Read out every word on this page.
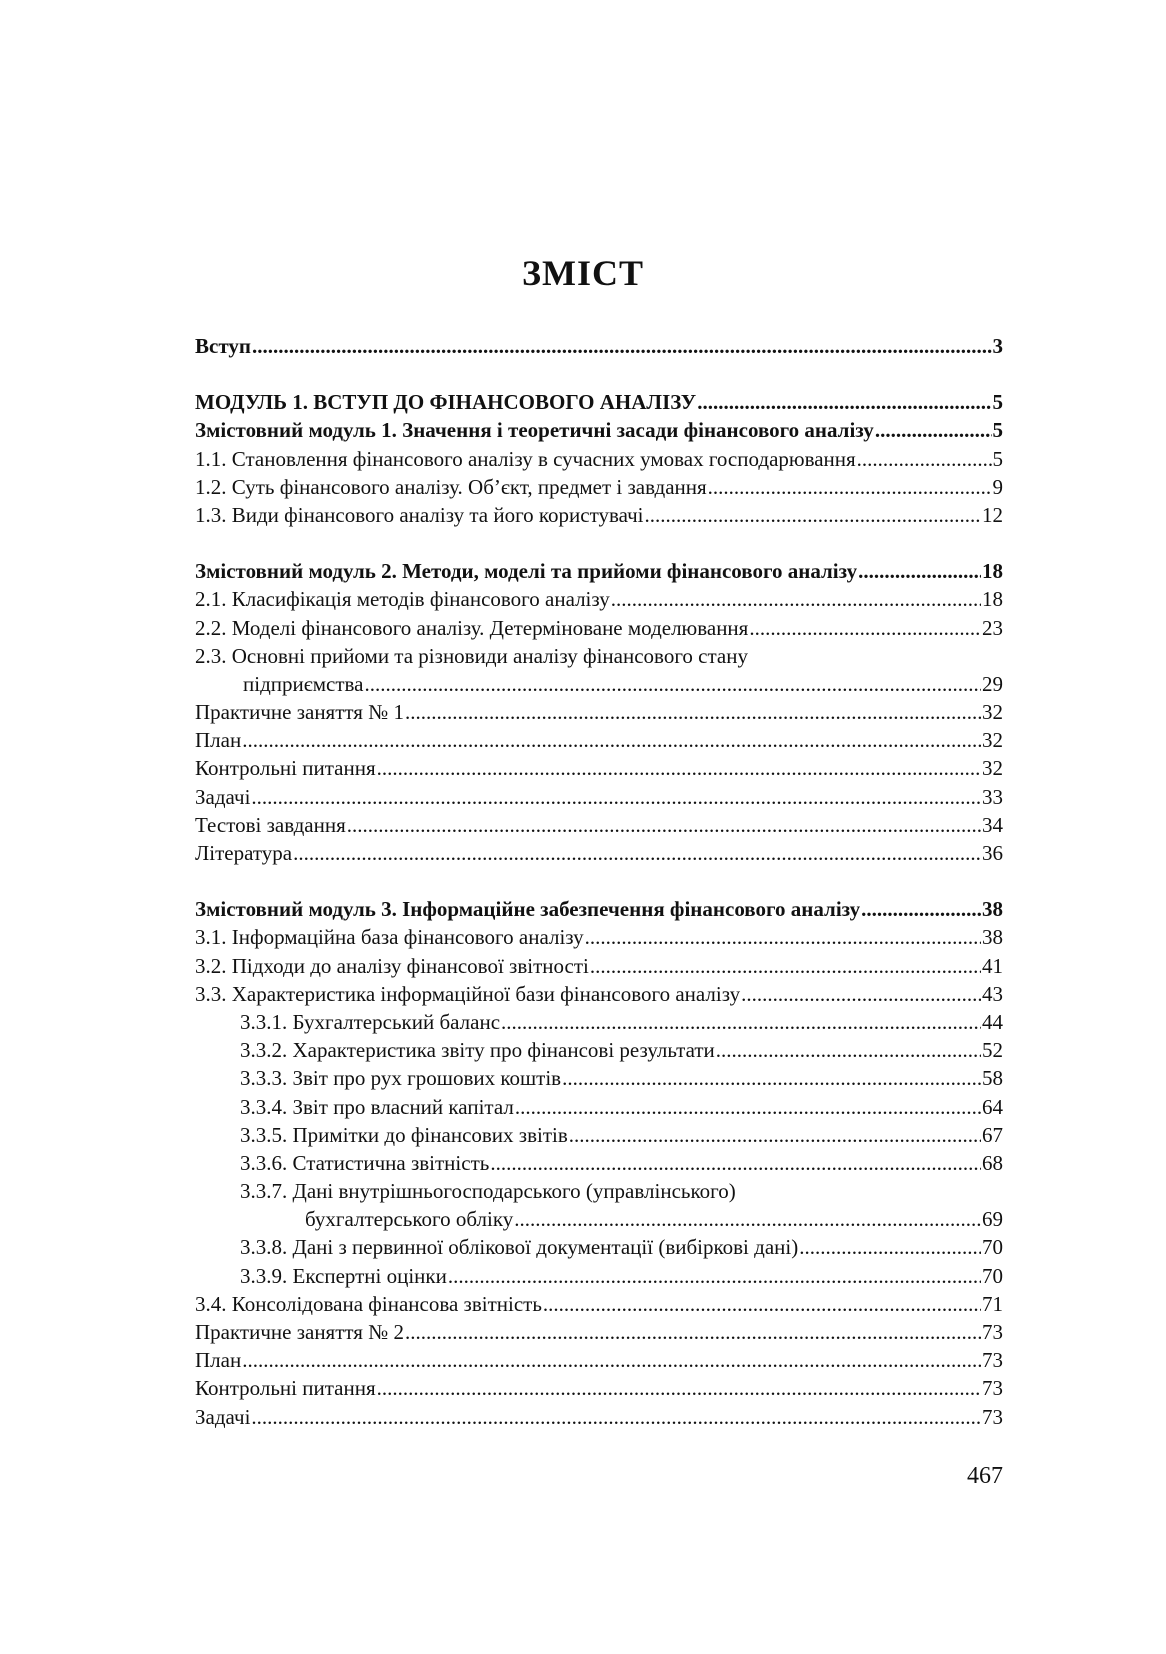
ЗМІСТ
Вступ .....	3
МОДУЛЬ 1. ВСТУП ДО ФІНАНСОВОГО АНАЛІЗУ .....	5
Змістовний модуль 1. Значення і теоретичні засади фінансового аналізу .....	5
1.1. Становлення фінансового аналізу в сучасних умовах господарювання .....	5
1.2. Суть фінансового аналізу. Об’єкт, предмет і завдання .....	9
1.3. Види фінансового аналізу та його користувачі .....	12
Змістовний модуль 2. Методи, моделі та прийоми фінансового аналізу .....	18
2.1. Класифікація методів фінансового аналізу .....	18
2.2. Моделі фінансового аналізу. Детерміноване моделювання .....	23
2.3. Основні прийоми та різновиди аналізу фінансового стану
підприємства .....	29
Практичне заняття № 1 .....	32
План .....	32
Контрольні питання .....	32
Задачі .....	33
Тестові завдання .....	34
Література .....	36
Змістовний модуль 3. Інформаційне забезпечення фінансового аналізу .....	38
3.1. Інформаційна база фінансового аналізу .....	38
3.2. Підходи до аналізу фінансової звітності .....	41
3.3. Характеристика інформаційної бази фінансового аналізу .....	43
3.3.1. Бухгалтерський баланс .....	44
3.3.2. Характеристика звіту про фінансові результати .....	52
3.3.3. Звіт про рух грошових коштів .....	58
3.3.4. Звіт про власний капітал .....	64
3.3.5. Примітки до фінансових звітів .....	67
3.3.6. Статистична звітність .....	68
3.3.7. Дані внутрішньогосподарського (управлінського)
бухгалтерського обліку .....	69
3.3.8. Дані з первинної облікової документації (вибіркові дані) .....	70
3.3.9. Експертні оцінки .....	70
3.4. Консолідована фінансова звітність .....	71
Практичне заняття № 2 .....	73
План .....	73
Контрольні питання .....	73
Задачі .....	73
467
